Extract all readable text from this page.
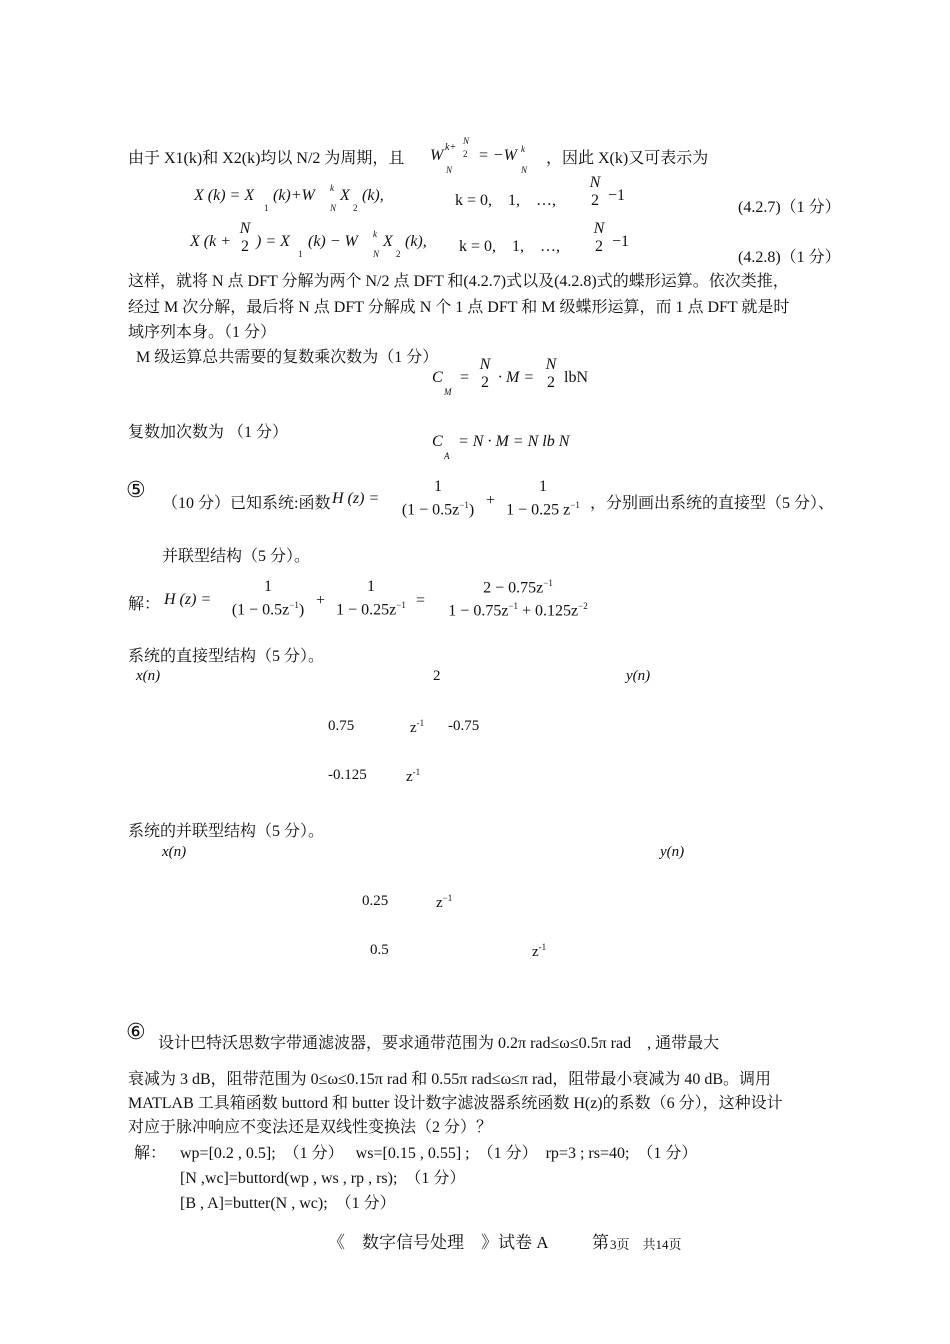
由于 X1(k)和 X2(k)均以 N/2 为周期，且 W k+
N
2 = −W k
N	N
，因此 X(k)又可表示为
X (k) = X
1
(k)+W k
N
X
2
(k),	k = 0,　1,　…,
N
2 −1
(4.2.7)（1 分）
X (k +
N
2 ) = X
1
(k) − W k
N
X
2
(k), k = 0,　1,　…,
N
2 −1
(4.2.8)（1 分）
这样，就将 N 点 DFT 分解为两个 N/2 点 DFT 和(4.2.7)式以及(4.2.8)式的蝶形运算。依次类推，
经过 M 次分解，最后将 N 点 DFT 分解成 N 个 1 点 DFT 和 M 级蝶形运算，而 1 点 DFT 就是时
域序列本身。（1 分）
M 级运算总共需要的复数乘次数为（1 分）
C
M
=
N
2 · M =
N
2 lbN
复数加次数为 （1 分）
C
A
= N · M = N lb N
⑤
（10 分）已知系统:函数 H (z) =
1
$(1 - 0.5z^{-1})$
+
1
1 − 0.25 $z^{-1}$ ，分别画出系统的直接型（5 分）、
并联型结构（5 分）。
解： H (z) =
1
$(1 - 0.5z^{-1})$
+
1
$1 - 0.25z^{-1}$ =
$2 - 0.75z^{-1}$
$1 - 0.75z^{-1} + 0.125z^{-2}$
系统的直接型结构（5 分）。
x(n)	2	y(n)
0.75	$z^{-1}$ -0.75
-0.125	$z^{-1}$
系统的并联型结构（5 分）。
x(n)	y(n)
0.25	$z^{-1}$
0.5	$z^{-1}$
⑥ 设计巴特沃思数字带通滤波器，要求通带范围为 0.2π rad≤ω≤0.5π rad　, 通带最大
衰减为 3 dB，阻带范围为 0≤ω≤0.15π rad 和 0.55π rad≤ω≤π rad，阻带最小衰减为 40 dB。调用
MATLAB 工具箱函数 buttord 和 butter 设计数字滤波器系统函数 H(z)的系数（6 分），这种设计
对应于脉冲响应不变法还是双线性变换法（2 分）？
解： wp=[0.2 , 0.5];　（1 分）　 ws=[0.15 , 0.55] ;　（1 分）　rp=3 ; rs=40;　（1 分）
[N ,wc]=buttord(wp , ws , rp , rs);　（1 分）
[B , A]=butter(N , wc);　（1 分）
《　数字信号处理　》试卷 A	第 3页　共14页
